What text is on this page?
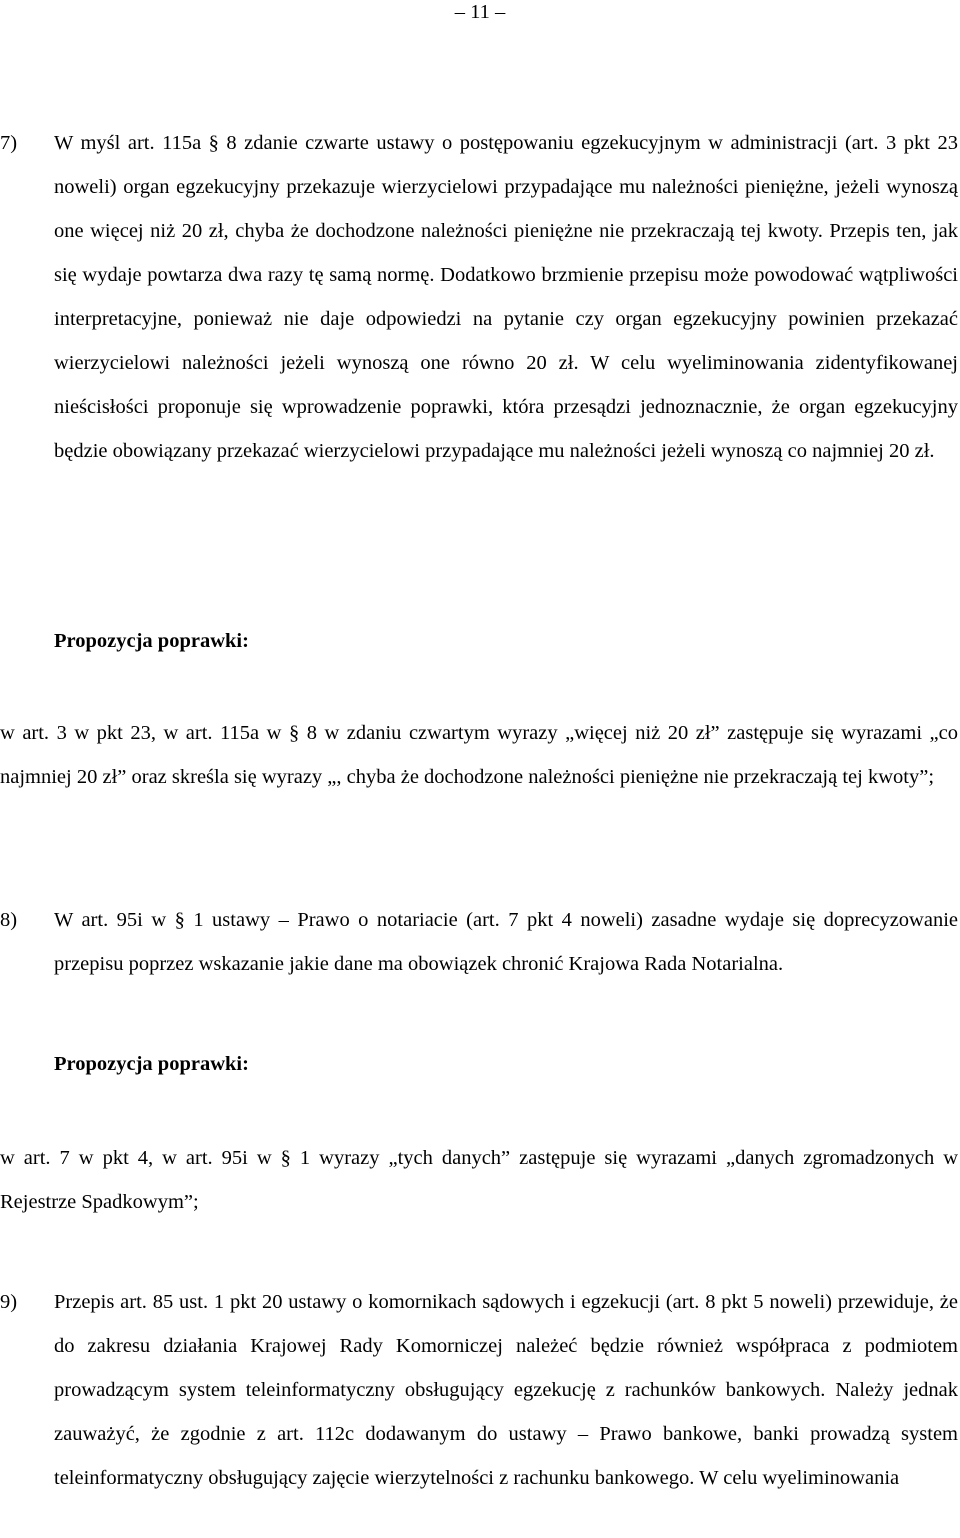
– 11 –
7)	W myśl art. 115a § 8 zdanie czwarte ustawy o postępowaniu egzekucyjnym w administracji (art. 3 pkt 23 noweli) organ egzekucyjny przekazuje wierzycielowi przypadające mu należności pieniężne, jeżeli wynoszą one więcej niż 20 zł, chyba że dochodzone należności pieniężne nie przekraczają tej kwoty. Przepis ten, jak się wydaje powtarza dwa razy tę samą normę. Dodatkowo brzmienie przepisu może powodować wątpliwości interpretacyjne, ponieważ nie daje odpowiedzi na pytanie czy organ egzekucyjny powinien przekazać wierzycielowi należności jeżeli wynoszą one równo 20 zł. W celu wyeliminowania zidentyfikowanej nieścisłości proponuje się wprowadzenie poprawki, która przesądzi jednoznacznie, że organ egzekucyjny będzie obowiązany przekazać wierzycielowi przypadające mu należności jeżeli wynoszą co najmniej 20 zł.

Propozycja poprawki:

w art. 3 w pkt 23, w art. 115a w § 8 w zdaniu czwartym wyrazy „więcej niż 20 zł” zastępuje się wyrazami „co najmniej 20 zł” oraz skreśla się wyrazy „, chyba że dochodzone należności pieniężne nie przekraczają tej kwoty”;

8)	W art. 95i w § 1 ustawy – Prawo o notariacie (art. 7 pkt 4 noweli) zasadne wydaje się doprecyzowanie przepisu poprzez wskazanie jakie dane ma obowiązek chronić Krajowa Rada Notarialna.

Propozycja poprawki:

w art. 7 w pkt 4, w art. 95i w § 1 wyrazy „tych danych” zastępuje się wyrazami „danych zgromadzonych w Rejestrze Spadkowym”;

9)	Przepis art. 85 ust. 1 pkt 20 ustawy o komornikach sądowych i egzekucji (art. 8 pkt 5 noweli) przewiduje, że do zakresu działania Krajowej Rady Komorniczej należeć będzie również współpraca z podmiotem prowadzącym system teleinformatyczny obsługujący egzekucję z rachunków bankowych. Należy jednak zauważyć, że zgodnie z art. 112c dodawanym do ustawy – Prawo bankowe, banki prowadzą system teleinformatyczny obsługujący zajęcie wierzytelności z rachunku bankowego. W celu wyeliminowania
